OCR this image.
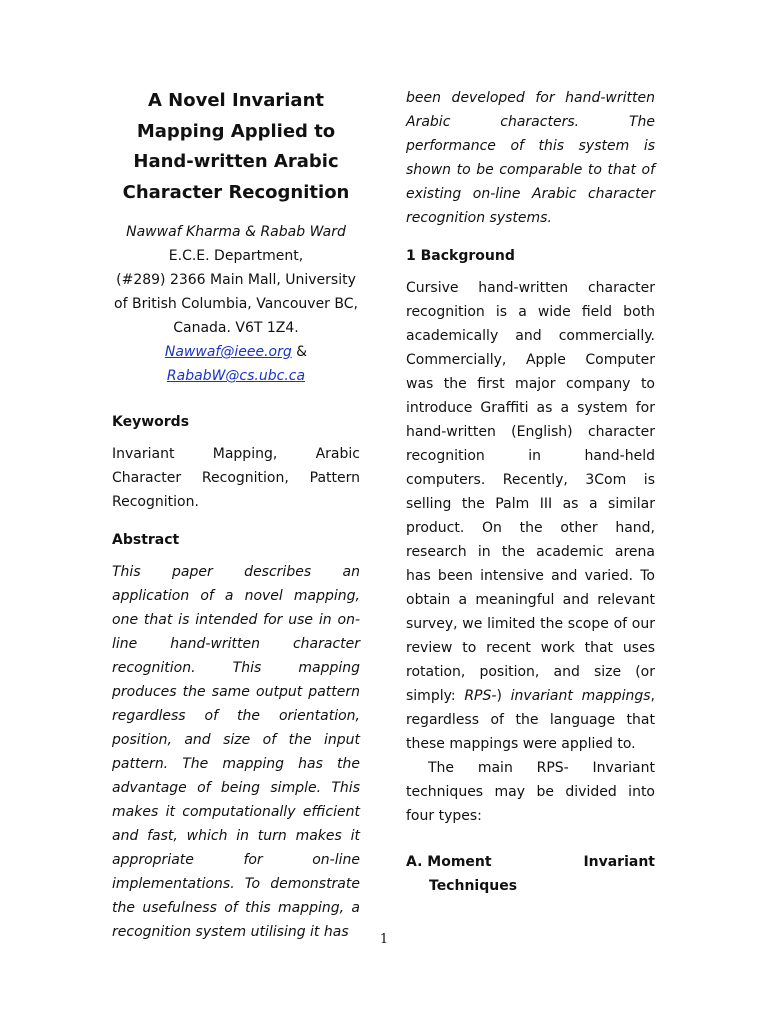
A Novel Invariant
Mapping Applied to
Hand-written Arabic
Character Recognition
Nawwaf Kharma & Rabab Ward
E.C.E. Department,
(#289) 2366 Main Mall, University
of British Columbia, Vancouver BC,
Canada. V6T 1Z4.
Nawwaf@ieee.org &
RababW@cs.ubc.ca
Keywords

Invariant Mapping, Arabic Character Recognition, Pattern Recognition.

Abstract

This paper describes an application of a novel mapping, one that is intended for use in on-line hand-written character recognition. This mapping produces the same output pattern regardless of the orientation, position, and size of the input pattern. The mapping has the advantage of being simple. This makes it computationally efficient and fast, which in turn makes it appropriate for on-line implementations. To demonstrate the usefulness of this mapping, a recognition system utilising it has

been developed for hand-written Arabic characters. The performance of this system is shown to be comparable to that of existing on-line Arabic character recognition systems.

1 Background

Cursive hand-written character recognition is a wide field both academically and commercially. Commercially, Apple Computer was the first major company to introduce Graffiti as a system for hand-written (English) character recognition in hand-held computers. Recently, 3Com is selling the Palm III as a similar product. On the other hand, research in the academic arena has been intensive and varied. To obtain a meaningful and relevant survey, we limited the scope of our review to recent work that uses rotation, position, and size (or simply: RPS-) invariant mappings, regardless of the language that these mappings were applied to.

The main RPS- Invariant techniques may be divided into four types:

A. Moment	Invariant
Techniques
1
